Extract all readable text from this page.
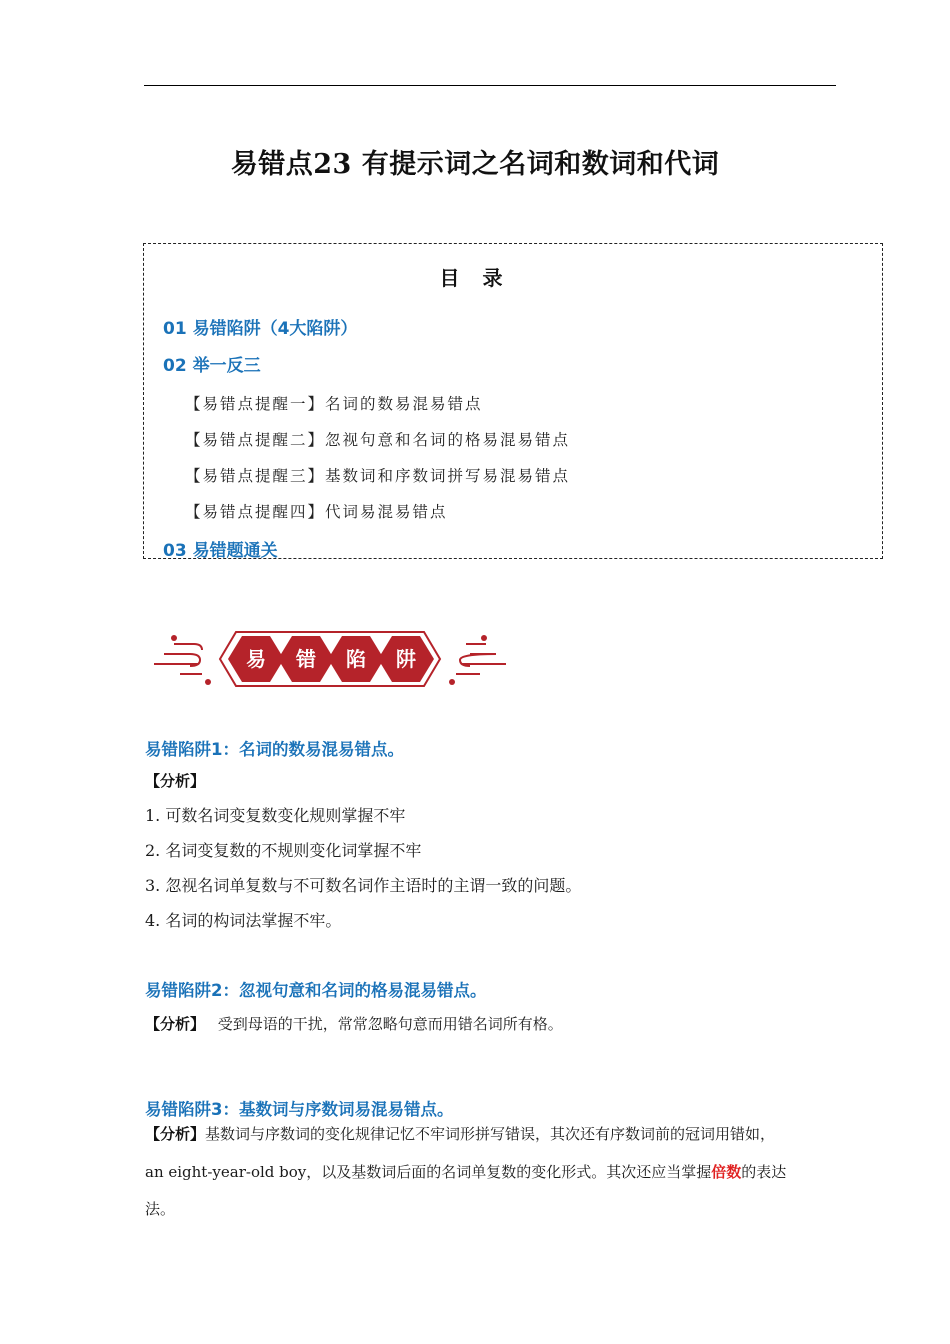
易错点23 有提示词之名词和数词和代词
目 录
01 易错陷阱（4大陷阱）
02 举一反三
【易错点提醒一】名词的数易混易错点
【易错点提醒二】忽视句意和名词的格易混易错点
【易错点提醒三】基数词和序数词拼写易混易错点
【易错点提醒四】代词易混易错点
03 易错题通关
易 错 陷 阱
易错陷阱1：名词的数易混易错点。
【分析】
1. 可数名词变复数变化规则掌握不牢
2. 名词变复数的不规则变化词掌握不牢
3. 忽视名词单复数与不可数名词作主语时的主谓一致的问题。
4. 名词的构词法掌握不牢。
易错陷阱2：忽视句意和名词的格易混易错点。
【分析】 受到母语的干扰，常常忽略句意而用错名词所有格。
易错陷阱3：基数词与序数词易混易错点。
【分析】基数词与序数词的变化规律记忆不牢词形拼写错误，其次还有序数词前的冠词用错如，
an eight-year-old boy，以及基数词后面的名词单复数的变化形式。其次还应当掌握倍数的表达
法。
